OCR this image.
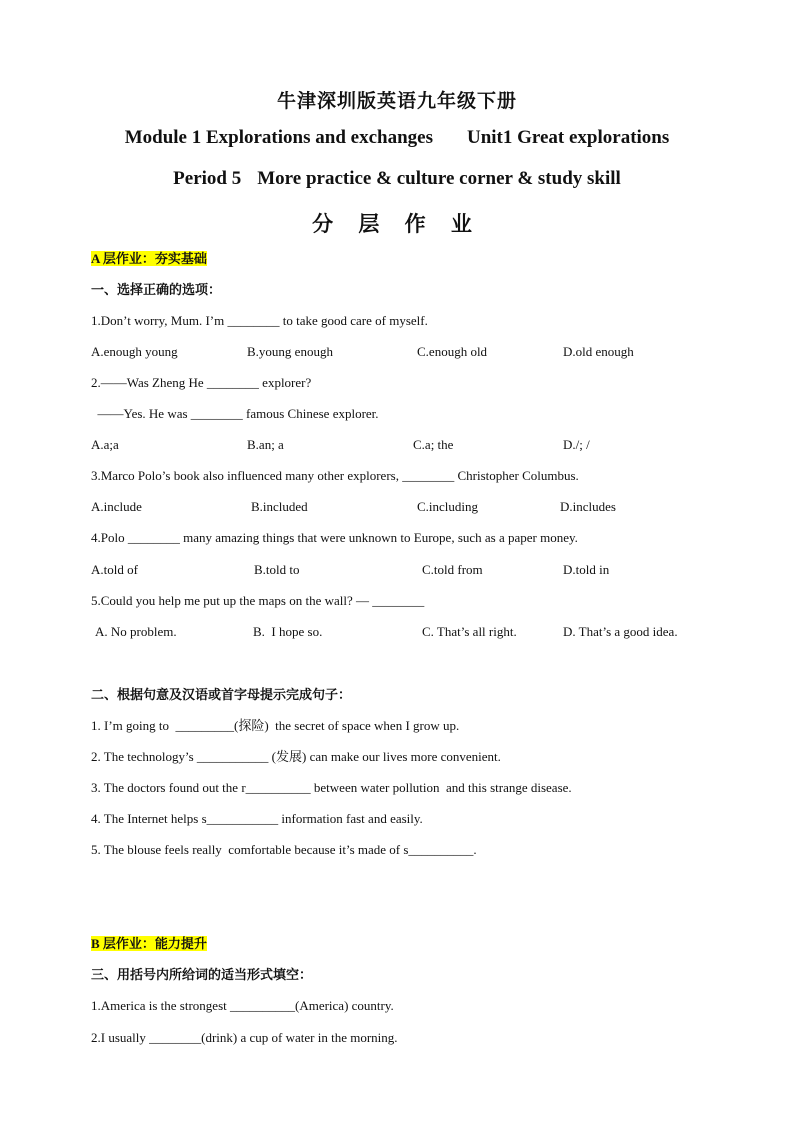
牛津深圳版英语九年级下册
Module 1 Explorations and exchanges Unit1 Great explorations
Period 5 More practice & culture corner & study skill
分 层 作 业
A 层作业：夯实基础
一、选择正确的选项：
1.Don’t worry, Mum. I’m ________ to take good care of myself.
A.enough young	B.young enough	C.enough old	D.old enough
2.——Was Zheng He ________ explorer?
——Yes. He was ________ famous Chinese explorer.
A.a;a	B.an; a	C.a; the	D./; /
3.Marco Polo’s book also influenced many other explorers, ________ Christopher Columbus.
A.include	B.included	C.including	D.includes
4.Polo ________ many amazing things that were unknown to Europe, such as a paper money.
A.told of	B.told to	C.told from	D.told in
5.Could you help me put up the maps on the wall? — ________
A. No problem.	B.  I hope so.	C. That’s all right.	D. That’s a good idea.
二、根据句意及汉语或首字母提示完成句子：
1. I’m going to  _________(探险)  the secret of space when I grow up.
2. The technology’s ___________ (发展) can make our lives more convenient.
3. The doctors found out the r__________ between water pollution  and this strange disease.
4. The Internet helps s___________ information fast and easily.
5. The blouse feels really  comfortable because it’s made of s__________.
B 层作业：能力提升
三、用括号内所给词的适当形式填空：
1.America is the strongest __________(America) country.
2.I usually ________(drink) a cup of water in the morning.
